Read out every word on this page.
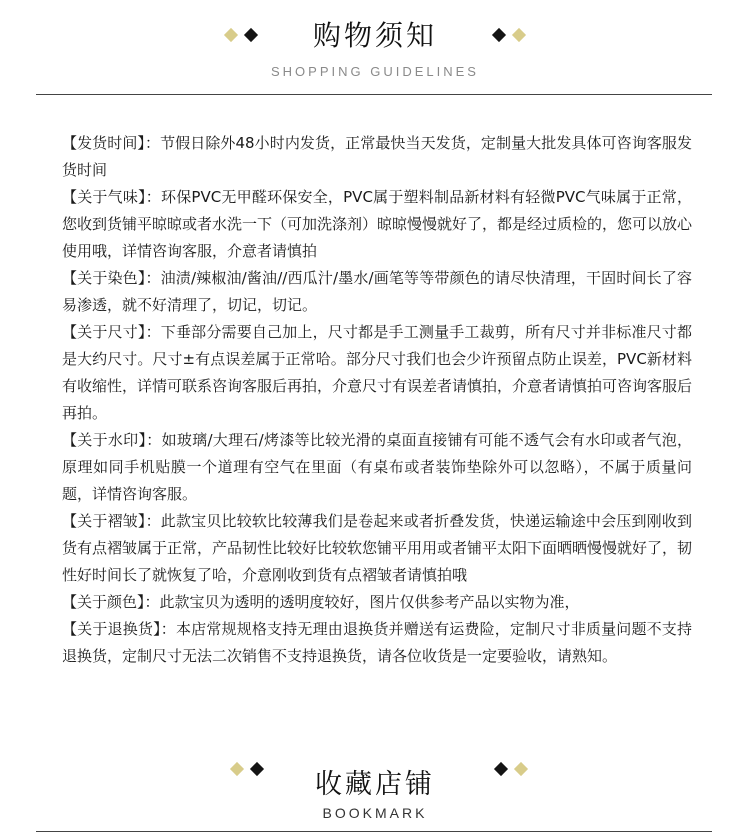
购物须知
SHOPPING GUIDELINES

【发货时间】：节假日除外48小时内发货，正常最快当天发货，定制量大批发具体可咨询客服发货时间

【关于气味】：环保PVC无甲醛环保安全，PVC属于塑料制品新材料有轻微PVC气味属于正常，您收到货铺平晾晾或者水洗一下（可加洗涤剂）晾晾慢慢就好了，都是经过质检的，您可以放心使用哦，详情咨询客服，介意者请慎拍

【关于染色】：油渍/辣椒油/酱油//西瓜汁/墨水/画笔等等带颜色的请尽快清理，干固时间长了容易渗透，就不好清理了，切记，切记。

【关于尺寸】：下垂部分需要自己加上，尺寸都是手工测量手工裁剪，所有尺寸并非标准尺寸都是大约尺寸。尺寸±有点误差属于正常哈。部分尺寸我们也会少许预留点防止误差，PVC新材料有收缩性，详情可联系咨询客服后再拍，介意尺寸有误差者请慎拍，介意者请慎拍可咨询客服后再拍。

【关于水印】：如玻璃/大理石/烤漆等比较光滑的桌面直接铺有可能不透气会有水印或者气泡，原理如同手机贴膜一个道理有空气在里面（有桌布或者装饰垫除外可以忽略），不属于质量问题，详情咨询客服。

【关于褶皱】：此款宝贝比较软比较薄我们是卷起来或者折叠发货，快递运输途中会压到刚收到货有点褶皱属于正常，产品韧性比较好比较软您铺平用用或者铺平太阳下面晒晒慢慢就好了，韧性好时间长了就恢复了哈，介意刚收到货有点褶皱者请慎拍哦

【关于颜色】：此款宝贝为透明的透明度较好，图片仅供参考产品以实物为准，

【关于退换货】：本店常规规格支持无理由退换货并赠送有运费险，定制尺寸非质量问题不支持退换货，定制尺寸无法二次销售不支持退换货，请各位收货是一定要验收，请熟知。

收藏店铺
BOOKMARK
